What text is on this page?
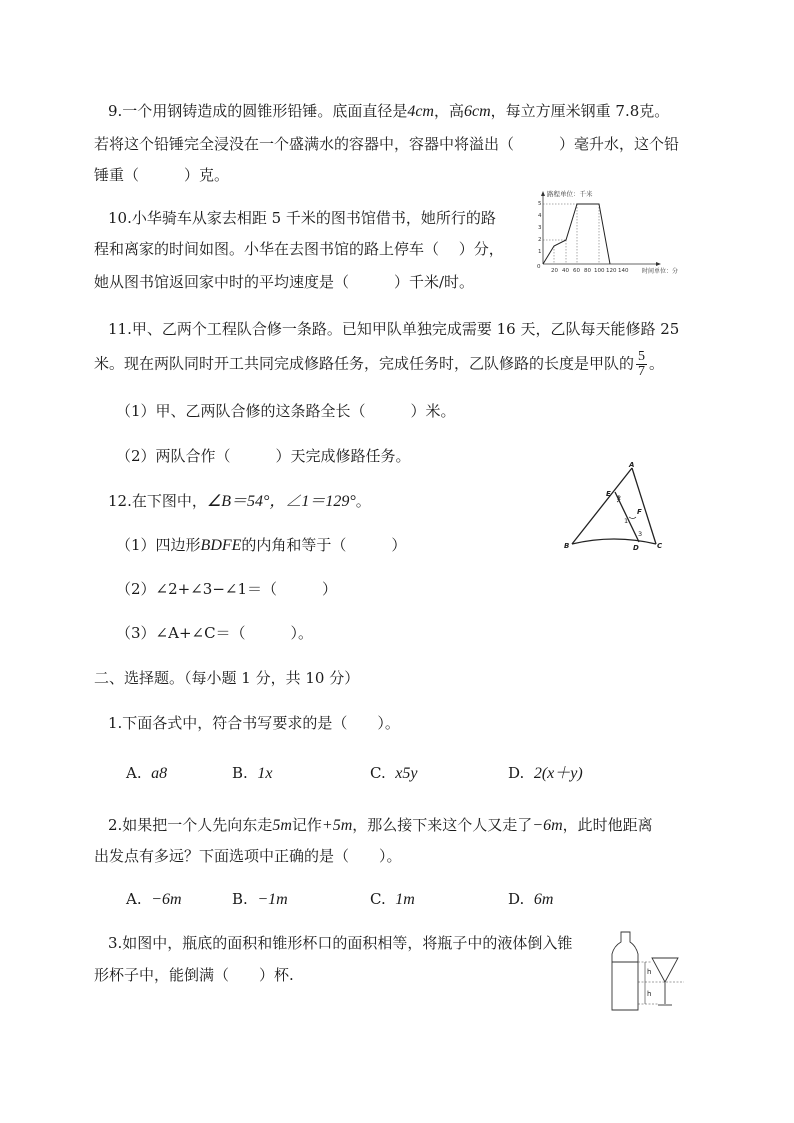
9.一个用钢铸造成的圆锥形铅锤。底面直径是4cm，高6cm，每立方厘米钢重 7.8克。
若将这个铅锤完全浸没在一个盛满水的容器中，容器中将溢出（　　　）毫升水，这个铅
锤重（　　　）克。
10.小华骑车从家去相距 5 千米的图书馆借书，她所行的路
程和离家的时间如图。小华在去图书馆的路上停车（　 ）分，
她从图书馆返回家中时的平均速度是（　　　）千米/时。
路程单位：千米
时间单位：分
0
1
2
3
4
5
20 40 60 80 100 120 140
11.甲、乙两个工程队合修一条路。已知甲队单独完成需要 16 天，乙队每天能修路 25
米。现在两队同时开工共同完成修路任务，完成任务时，乙队修路的长度是甲队的 $\frac{5}{7}$ 。
（1）甲、乙两队合修的这条路全长（　　　）米。
（2）两队合作（　　　）天完成修路任务。
12.在下图中，∠B＝54°，∠1＝129°。
（1）四边形BDFE的内角和等于（　　　）
（2）∠2+∠3−∠1＝（　　　）
（3）∠A+∠C＝（　　　）。
A
B	C
D
E
F
2
1
3
二、选择题。（每小题 1 分，共 10 分）
1.下面各式中，符合书写要求的是（　　）。
A. a8	B. 1x	C. x5y	D. 2(x＋y)
2.如果把一个人先向东走5m记作+5m，那么接下来这个人又走了−6m，此时他距离
出发点有多远？下面选项中正确的是（　　）。
A. −6m	B. −1m	C. 1m	D. 6m
3.如图中，瓶底的面积和锥形杯口的面积相等，将瓶子中的液体倒入锥
形杯子中，能倒满（　　）杯.	h
h
